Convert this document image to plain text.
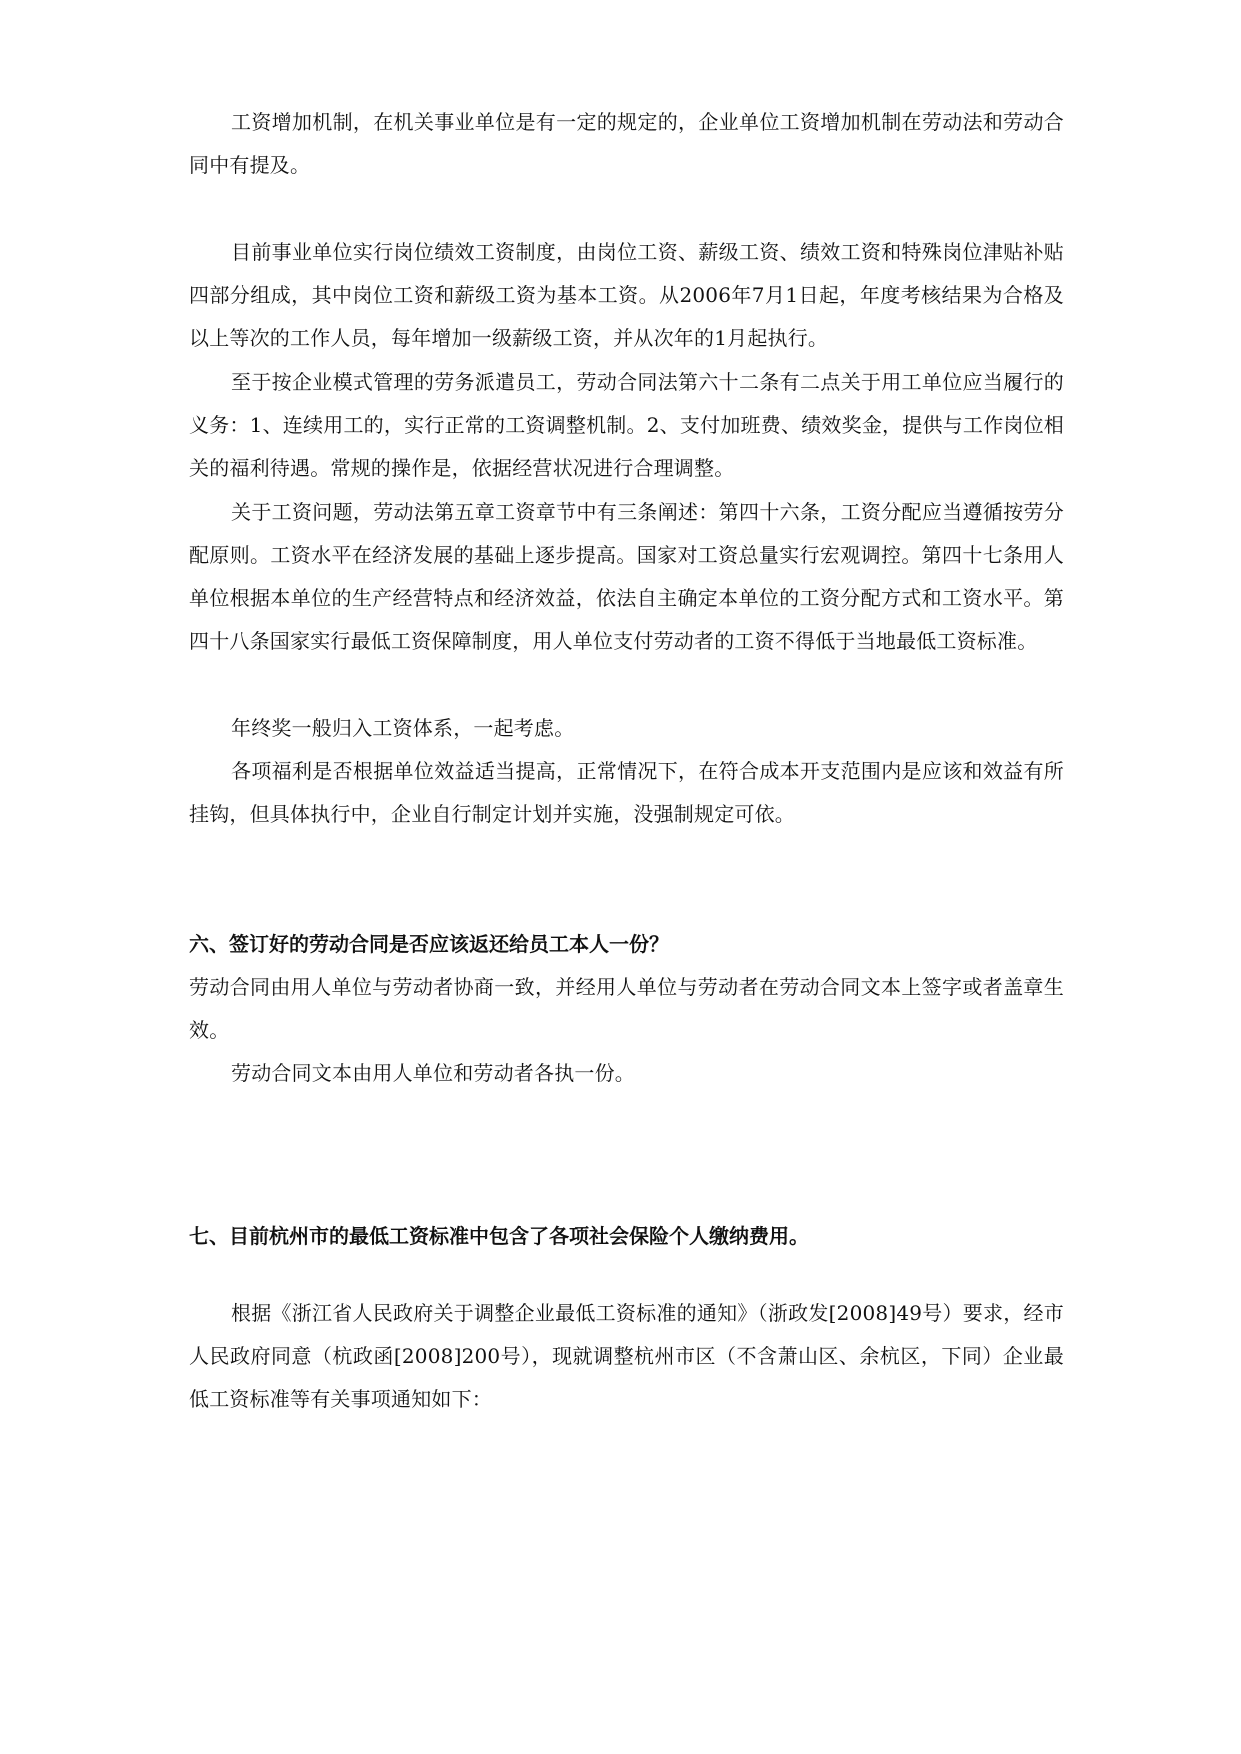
工资增加机制，在机关事业单位是有一定的规定的，企业单位工资增加机制在劳动法和劳动合同中有提及。

目前事业单位实行岗位绩效工资制度，由岗位工资、薪级工资、绩效工资和特殊岗位津贴补贴四部分组成，其中岗位工资和薪级工资为基本工资。从2006年7月1日起，年度考核结果为合格及以上等次的工作人员，每年增加一级薪级工资，并从次年的1月起执行。

至于按企业模式管理的劳务派遣员工，劳动合同法第六十二条有二点关于用工单位应当履行的义务：1、连续用工的，实行正常的工资调整机制。2、支付加班费、绩效奖金，提供与工作岗位相关的福利待遇。常规的操作是，依据经营状况进行合理调整。

关于工资问题，劳动法第五章工资章节中有三条阐述：第四十六条，工资分配应当遵循按劳分配原则。工资水平在经济发展的基础上逐步提高。国家对工资总量实行宏观调控。第四十七条用人单位根据本单位的生产经营特点和经济效益，依法自主确定本单位的工资分配方式和工资水平。第四十八条国家实行最低工资保障制度，用人单位支付劳动者的工资不得低于当地最低工资标准。

年终奖一般归入工资体系，一起考虑。

各项福利是否根据单位效益适当提高，正常情况下，在符合成本开支范围内是应该和效益有所挂钩，但具体执行中，企业自行制定计划并实施，没强制规定可依。

六、签订好的劳动合同是否应该返还给员工本人一份？

劳动合同由用人单位与劳动者协商一致，并经用人单位与劳动者在劳动合同文本上签字或者盖章生效。

劳动合同文本由用人单位和劳动者各执一份。

七、目前杭州市的最低工资标准中包含了各项社会保险个人缴纳费用。

根据《浙江省人民政府关于调整企业最低工资标准的通知》（浙政发[2008]49号）要求，经市人民政府同意（杭政函[2008]200号），现就调整杭州市区（不含萧山区、余杭区，下同）企业最低工资标准等有关事项通知如下：
